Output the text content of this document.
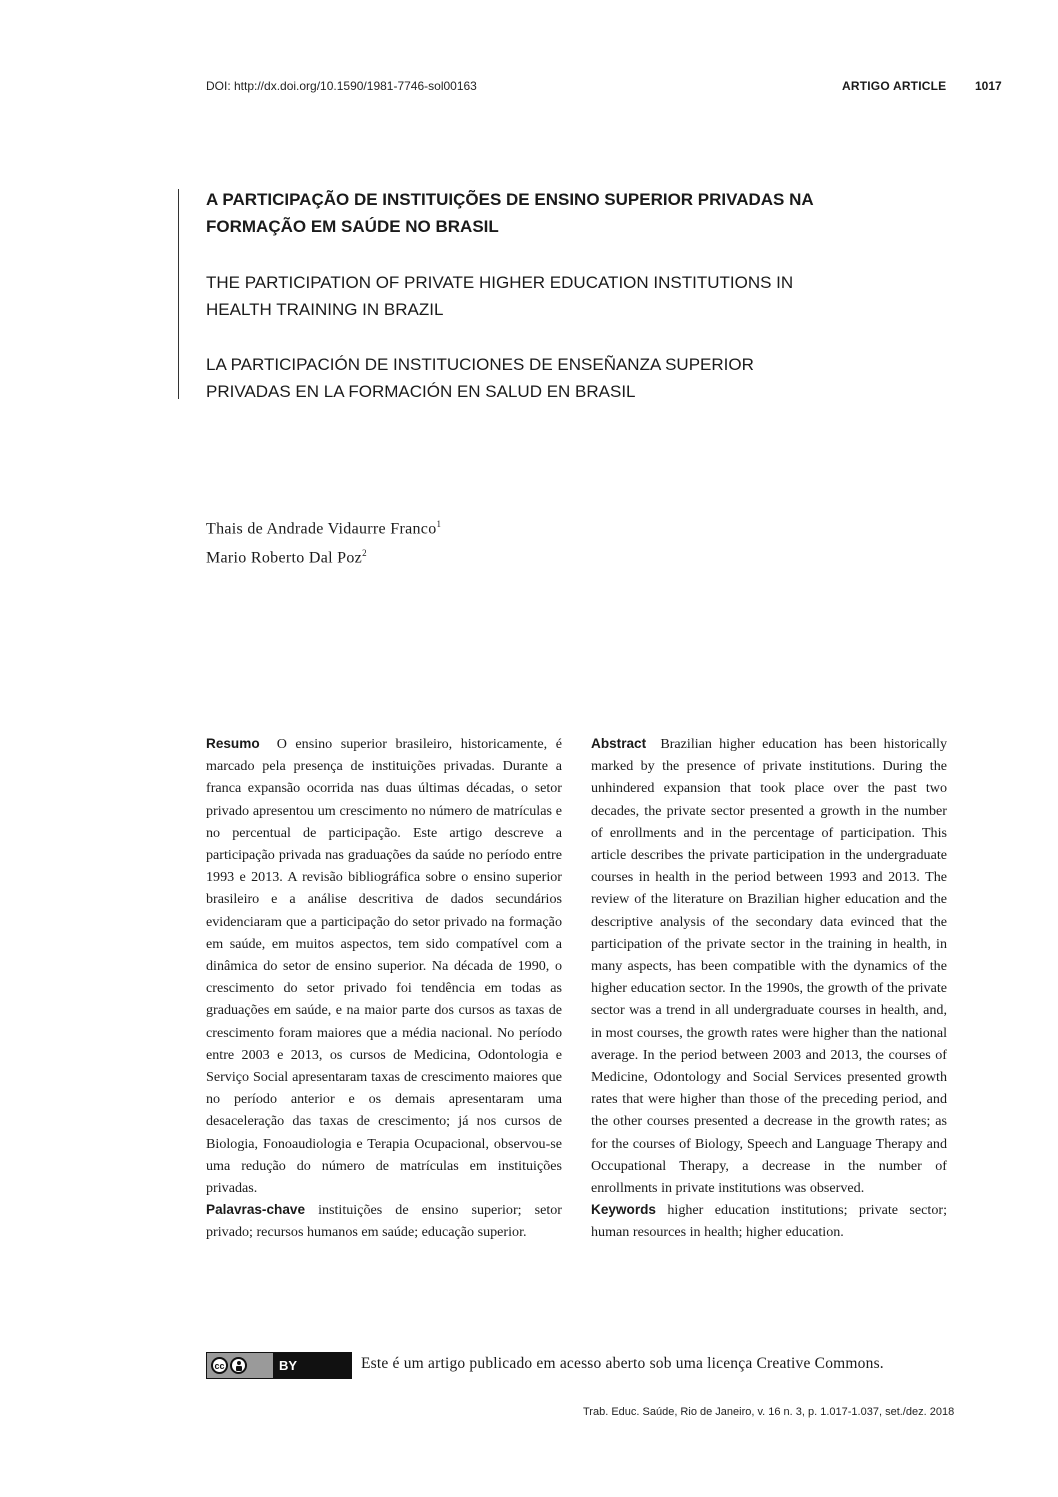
DOI: http://dx.doi.org/10.1590/1981-7746-sol00163	ARTIGO ARTICLE 1017
A PARTICIPAÇÃO DE INSTITUIÇÕES DE ENSINO SUPERIOR PRIVADAS NA FORMAÇÃO EM SAÚDE NO BRASIL
THE PARTICIPATION OF PRIVATE HIGHER EDUCATION INSTITUTIONS IN HEALTH TRAINING IN BRAZIL
LA PARTICIPACIÓN DE INSTITUCIONES DE ENSEÑANZA SUPERIOR PRIVADAS EN LA FORMACIÓN EN SALUD EN BRASIL
Thais de Andrade Vidaurre Franco$^1$
Mario Roberto Dal Poz$^2$

Resumo O ensino superior brasileiro, historicamente, é marcado pela presença de instituições privadas. Durante a franca expansão ocorrida nas duas últimas décadas, o setor privado apresentou um crescimento no número de matrículas e no percentual de participação. Este artigo descreve a participação privada nas graduações da saúde no período entre 1993 e 2013. A revisão bibliográfica sobre o ensino superior brasileiro e a análise descritiva de dados secundários evidenciaram que a participação do setor privado na formação em saúde, em muitos aspectos, tem sido compatível com a dinâmica do setor de ensino superior. Na década de 1990, o crescimento do setor privado foi tendência em todas as graduações em saúde, e na maior parte dos cursos as taxas de crescimento foram maiores que a média nacional. No período entre 2003 e 2013, os cursos de Medicina, Odontologia e Serviço Social apresentaram taxas de crescimento maiores que no período anterior e os demais apresentaram uma desaceleração das taxas de crescimento; já nos cursos de Biologia, Fonoaudiologia e Terapia Ocupacional, observou-se uma redução do número de matrículas em instituições privadas.

Palavras-chave instituições de ensino superior; setor privado; recursos humanos em saúde; educação superior.

Abstract Brazilian higher education has been historically marked by the presence of private institutions. During the unhindered expansion that took place over the past two decades, the private sector presented a growth in the number of enrollments and in the percentage of participation. This article describes the private participation in the undergraduate courses in health in the period between 1993 and 2013. The review of the literature on Brazilian higher education and the descriptive analysis of the secondary data evinced that the participation of the private sector in the training in health, in many aspects, has been compatible with the dynamics of the higher education sector. In the 1990s, the growth of the private sector was a trend in all undergraduate courses in health, and, in most courses, the growth rates were higher than the national average. In the period between 2003 and 2013, the courses of Medicine, Odontology and Social Services presented growth rates that were higher than those of the preceding period, and the other courses presented a decrease in the growth rates; as for the courses of Biology, Speech and Language Therapy and Occupational Therapy, a decrease in the number of enrollments in private institutions was observed.

Keywords higher education institutions; private sector; human resources in health; higher education.

cc	BY	Este é um artigo publicado em acesso aberto sob uma licença Creative Commons.
Trab. Educ. Saúde, Rio de Janeiro, v. 16 n. 3, p. 1.017-1.037, set./dez. 2018
